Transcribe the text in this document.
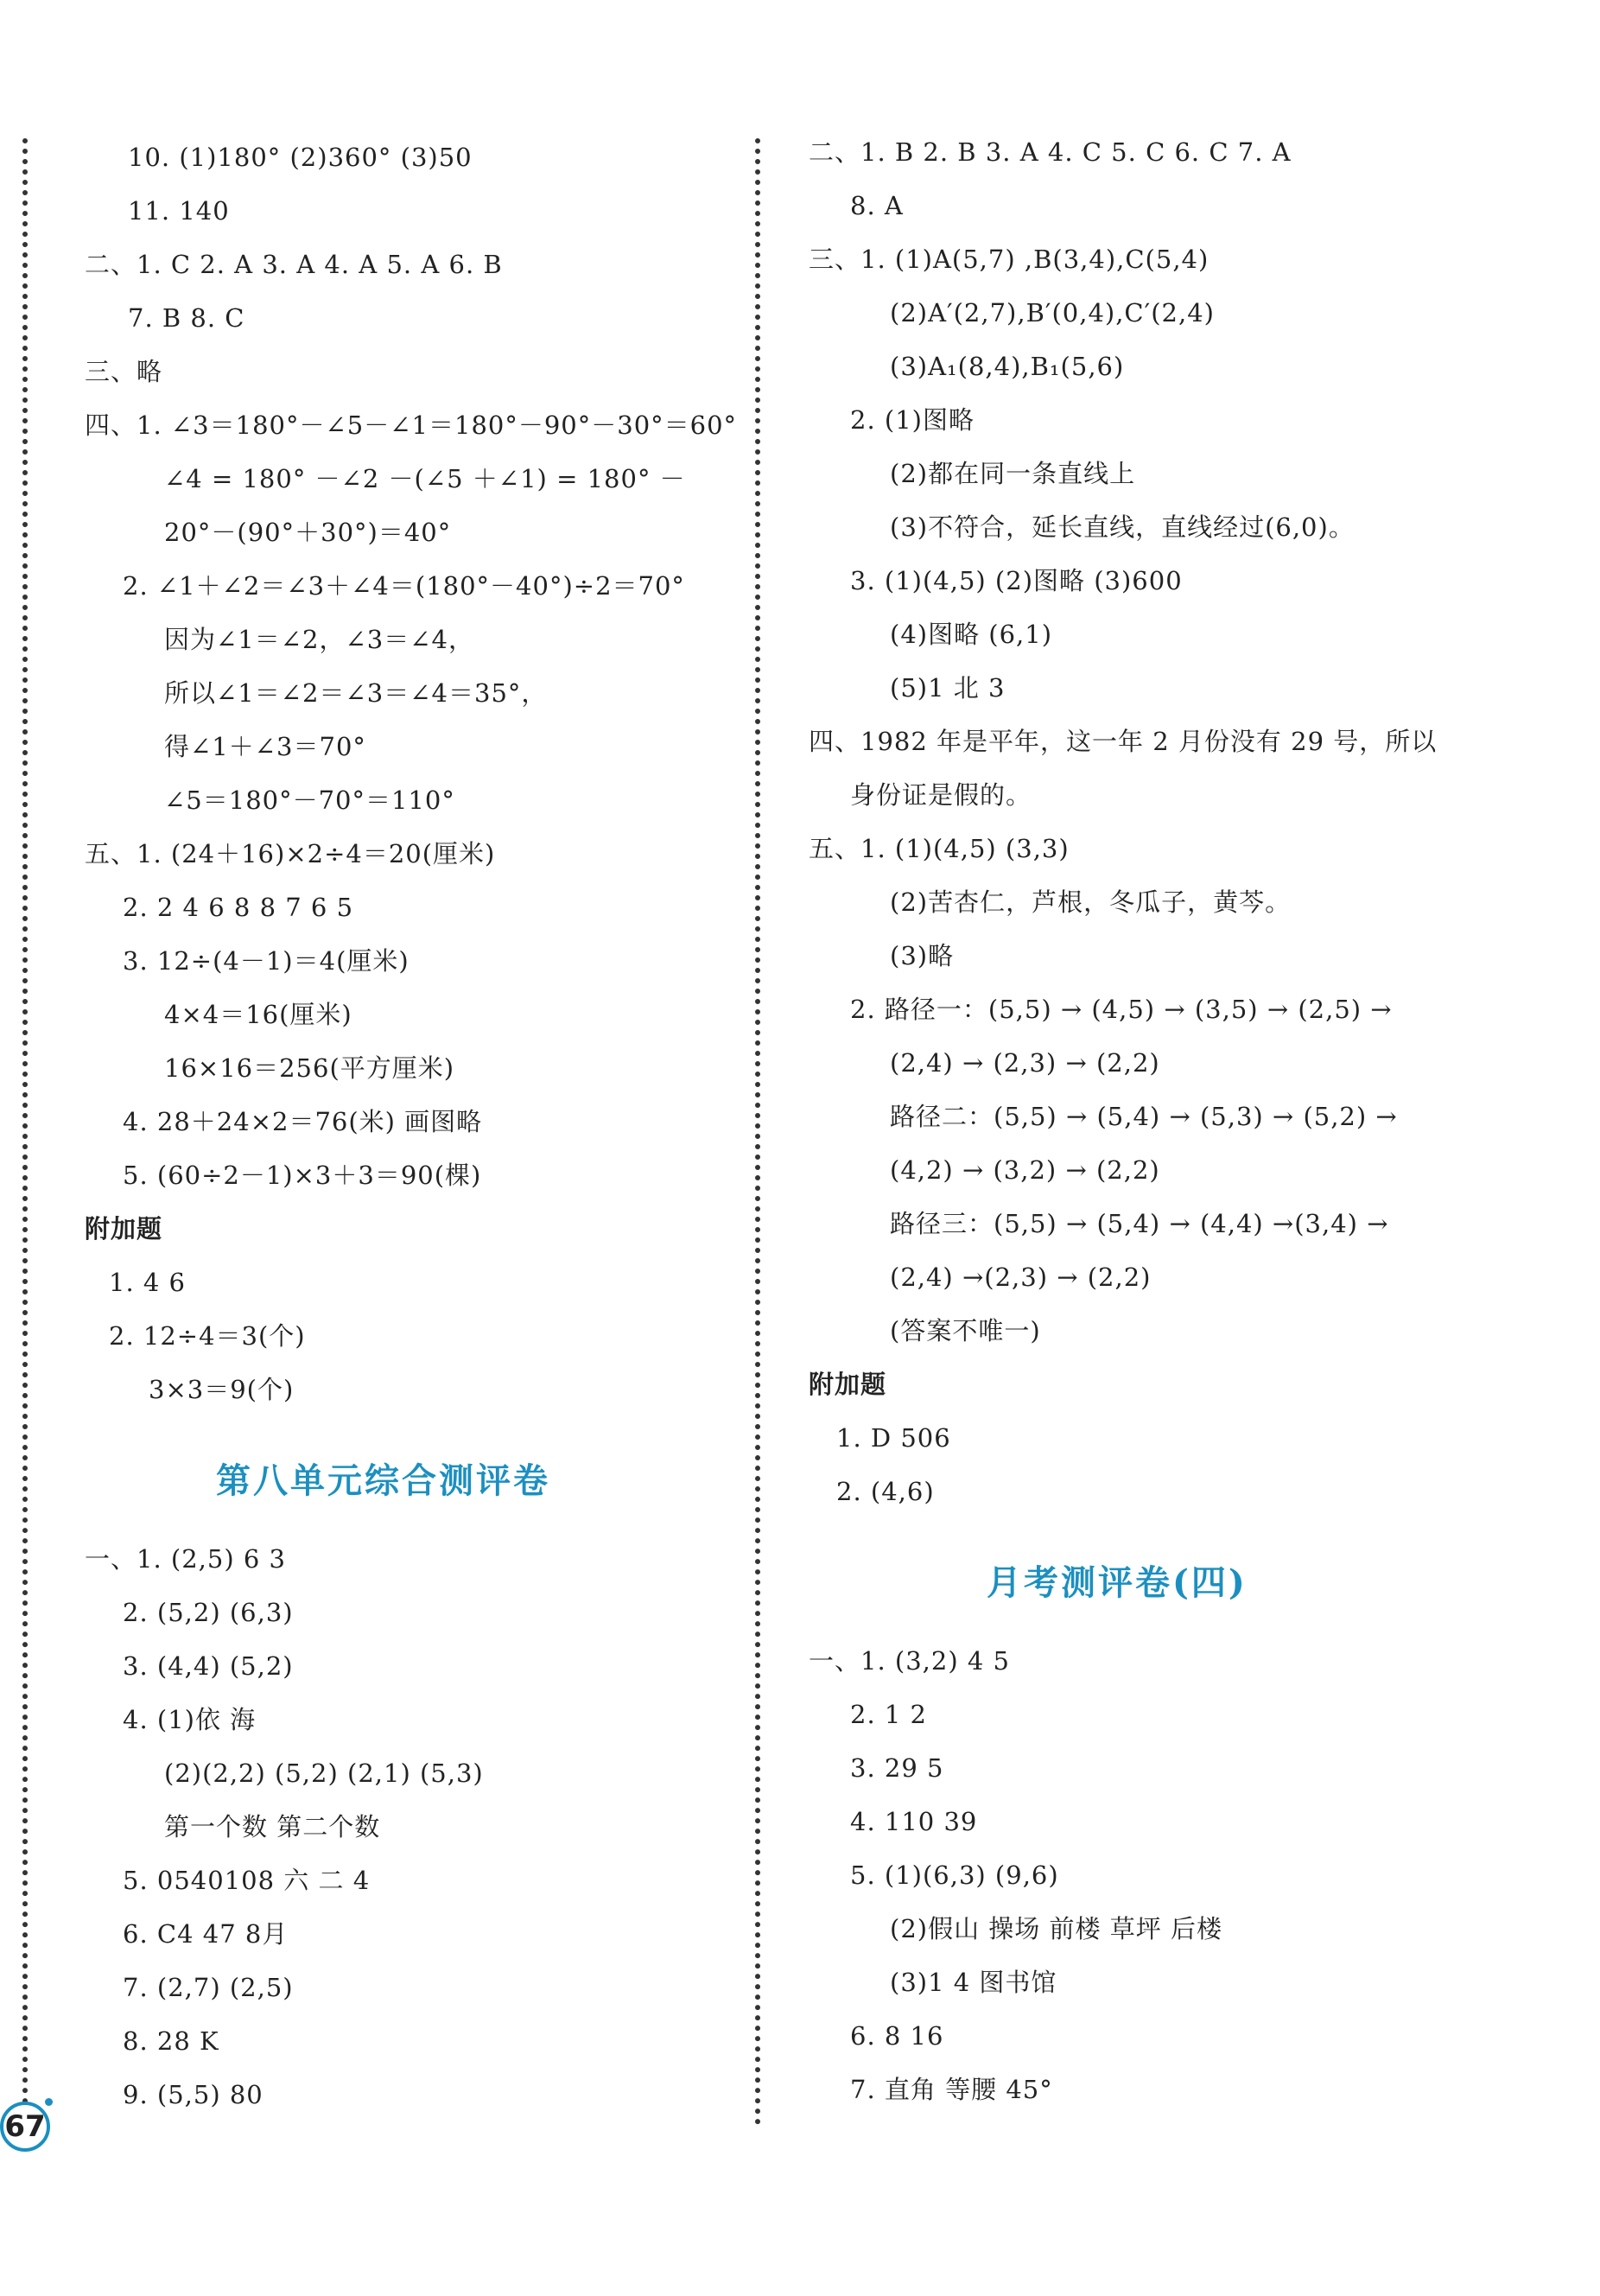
10. (1)180° (2)360° (3)50
11. 140
二、1. C 2. A 3. A 4. A 5. A 6. B
7. B 8. C
三、略
四、1. ∠3＝180°－∠5－∠1＝180°－90°－30°＝60°
∠4 = 180° －∠2 －(∠5 ＋∠1) = 180° －
20°－(90°＋30°)＝40°
2. ∠1＋∠2＝∠3＋∠4＝(180°－40°)÷2＝70°
因为∠1＝∠2，∠3＝∠4，
所以∠1＝∠2＝∠3＝∠4＝35°，
得∠1＋∠3＝70°
∠5＝180°－70°＝110°
五、1. (24＋16)×2÷4＝20(厘米)
2. 2 4 6 8 8 7 6 5
3. 12÷(4－1)＝4(厘米)
4×4＝16(厘米)
16×16＝256(平方厘米)
4. 28＋24×2＝76(米) 画图略
5. (60÷2－1)×3＋3＝90(棵)
附加题
1. 4 6
2. 12÷4＝3(个)
3×3＝9(个)
第八单元综合测评卷
一、1. (2,5) 6 3
2. (5,2) (6,3)
3. (4,4) (5,2)
4. (1)依 海
(2)(2,2) (5,2) (2,1) (5,3)
第一个数 第二个数
5. 0540108 六 二 4
6. C4 47 8月
7. (2,7) (2,5)
8. 28 K
9. (5,5) 80
二、1. B 2. B 3. A 4. C 5. C 6. C 7. A
8. A
三、1. (1)A(5,7) ,B(3,4),C(5,4)
(2)A′(2,7),B′(0,4),C′(2,4)
(3)A₁(8,4),B₁(5,6)
2. (1)图略
(2)都在同一条直线上
(3)不符合，延长直线，直线经过(6,0)。
3. (1)(4,5) (2)图略 (3)600
(4)图略 (6,1)
(5)1 北 3
四、1982 年是平年，这一年 2 月份没有 29 号，所以
身份证是假的。
五、1. (1)(4,5) (3,3)
(2)苦杏仁，芦根，冬瓜子，黄芩。
(3)略
2. 路径一：(5,5) → (4,5) → (3,5) → (2,5) →
(2,4) → (2,3) → (2,2)
路径二：(5,5) → (5,4) → (5,3) → (5,2) →
(4,2) → (3,2) → (2,2)
路径三：(5,5) → (5,4) → (4,4) →(3,4) →
(2,4) →(2,3) → (2,2)
(答案不唯一)
附加题
1. D 506
2. (4,6)
月考测评卷(四)
一、1. (3,2) 4 5
2. 1 2
3. 29 5
4. 110 39
5. (1)(6,3) (9,6)
(2)假山 操场 前楼 草坪 后楼
(3)1 4 图书馆
6. 8 16
7. 直角 等腰 45°
67
